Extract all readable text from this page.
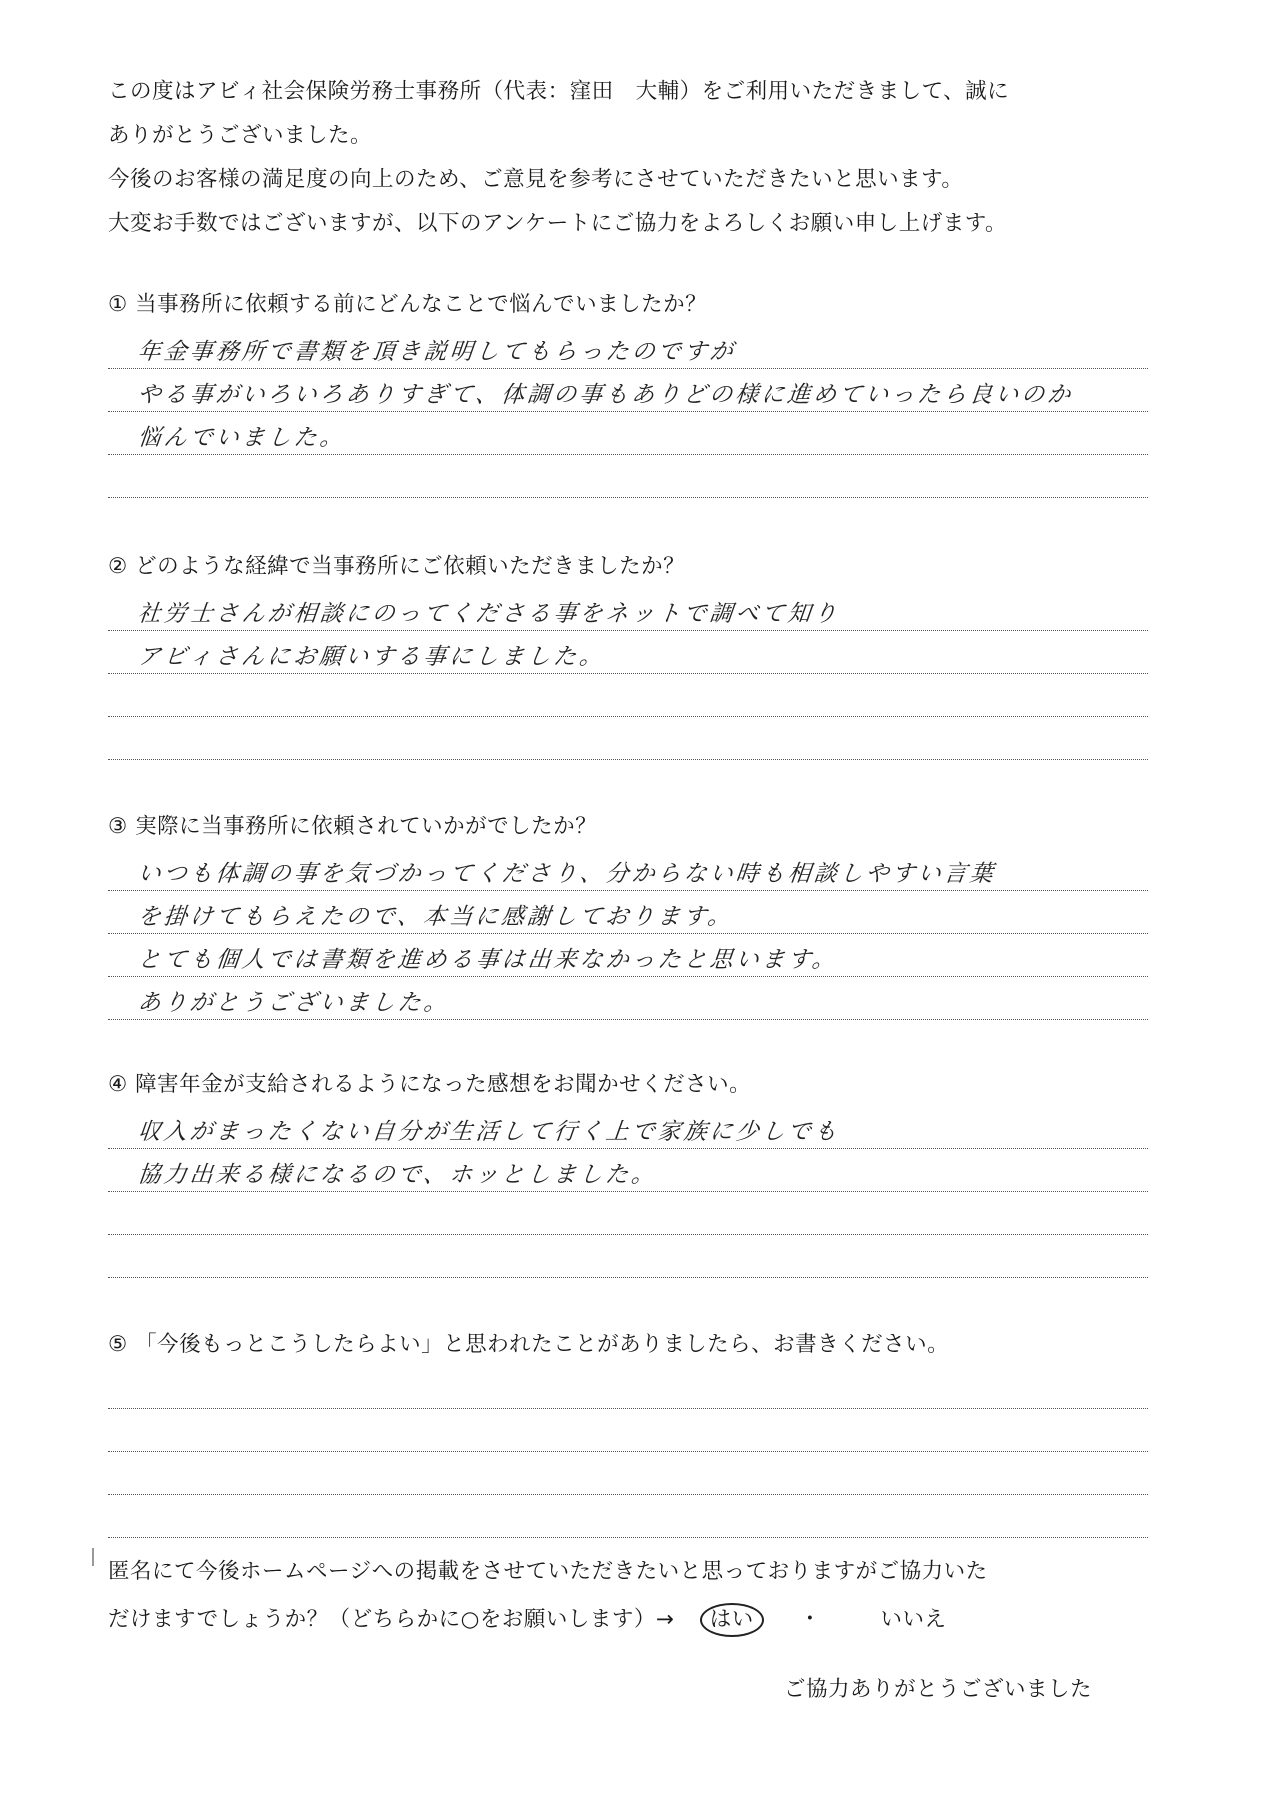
この度はアビィ社会保険労務士事務所（代表：窪田　大輔）をご利用いただきまして、誠に

ありがとうございました。

今後のお客様の満足度の向上のため、ご意見を参考にさせていただきたいと思います。

大変お手数ではございますが、以下のアンケートにご協力をよろしくお願い申し上げます。

① 当事務所に依頼する前にどんなことで悩んでいましたか？
年金事務所で書類を頂き説明してもらったのですが
やる事がいろいろありすぎて、体調の事もありどの様に進めていったら良いのか
悩んでいました。
② どのような経緯で当事務所にご依頼いただきましたか？
社労士さんが相談にのってくださる事をネットで調べて知り
アビィさんにお願いする事にしました。
③ 実際に当事務所に依頼されていかがでしたか？
いつも体調の事を気づかってくださり、分からない時も相談しやすい言葉
を掛けてもらえたので、本当に感謝しております。
とても個人では書類を進める事は出来なかったと思います。
ありがとうございました。
④ 障害年金が支給されるようになった感想をお聞かせください。
収入がまったくない自分が生活して行く上で家族に少しでも
協力出来る様になるので、ホッとしました。
⑤ 「今後もっとこうしたらよい」と思われたことがありましたら、お書きください。

匿名にて今後ホームページへの掲載をさせていただきたいと思っておりますがご協力いた

だけますでしょうか？（どちらかに○をお願いします）→ はい ・	いいえ

ご協力ありがとうございました
